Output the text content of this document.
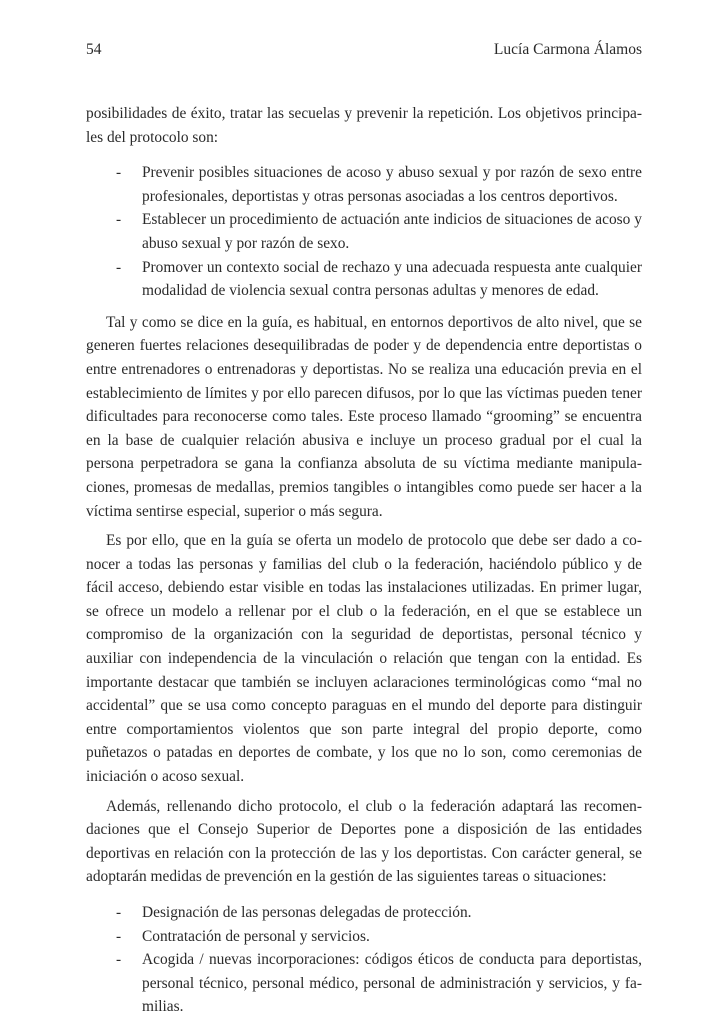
54	Lucía Carmona Álamos

posibilidades de éxito, tratar las secuelas y prevenir la repetición. Los objetivos principales del protocolo son:

- Prevenir posibles situaciones de acoso y abuso sexual y por razón de sexo entre profesionales, deportistas y otras personas asociadas a los centros deportivos.
- Establecer un procedimiento de actuación ante indicios de situaciones de acoso y abuso sexual y por razón de sexo.
- Promover un contexto social de rechazo y una adecuada respuesta ante cualquier modalidad de violencia sexual contra personas adultas y menores de edad.

Tal y como se dice en la guía, es habitual, en entornos deportivos de alto nivel, que se generen fuertes relaciones desequilibradas de poder y de dependencia entre deportistas o entre entrenadores o entrenadoras y deportistas. No se realiza una educación previa en el establecimiento de límites y por ello parecen difusos, por lo que las víctimas pueden tener dificultades para reconocerse como tales. Este proceso llamado “grooming” se encuentra en la base de cualquier relación abusiva e incluye un proceso gradual por el cual la persona perpetradora se gana la confianza absoluta de su víctima mediante manipulaciones, promesas de medallas, premios tangibles o intangibles como puede ser hacer a la víctima sentirse especial, superior o más segura.

Es por ello, que en la guía se oferta un modelo de protocolo que debe ser dado a conocer a todas las personas y familias del club o la federación, haciéndolo público y de fácil acceso, debiendo estar visible en todas las instalaciones utilizadas. En primer lugar, se ofrece un modelo a rellenar por el club o la federación, en el que se establece un compromiso de la organización con la seguridad de deportistas, personal técnico y auxiliar con independencia de la vinculación o relación que tengan con la entidad. Es importante destacar que también se incluyen aclaraciones terminológicas como “mal no accidental” que se usa como concepto paraguas en el mundo del deporte para distinguir entre comportamientos violentos que son parte integral del propio deporte, como puñetazos o patadas en deportes de combate, y los que no lo son, como ceremonias de iniciación o acoso sexual.

Además, rellenando dicho protocolo, el club o la federación adaptará las recomendaciones que el Consejo Superior de Deportes pone a disposición de las entidades deportivas en relación con la protección de las y los deportistas. Con carácter general, se adoptarán medidas de prevención en la gestión de las siguientes tareas o situaciones:

- Designación de las personas delegadas de protección.
- Contratación de personal y servicios.
- Acogida / nuevas incorporaciones: códigos éticos de conducta para deportistas, personal técnico, personal médico, personal de administración y servicios, y familias.
